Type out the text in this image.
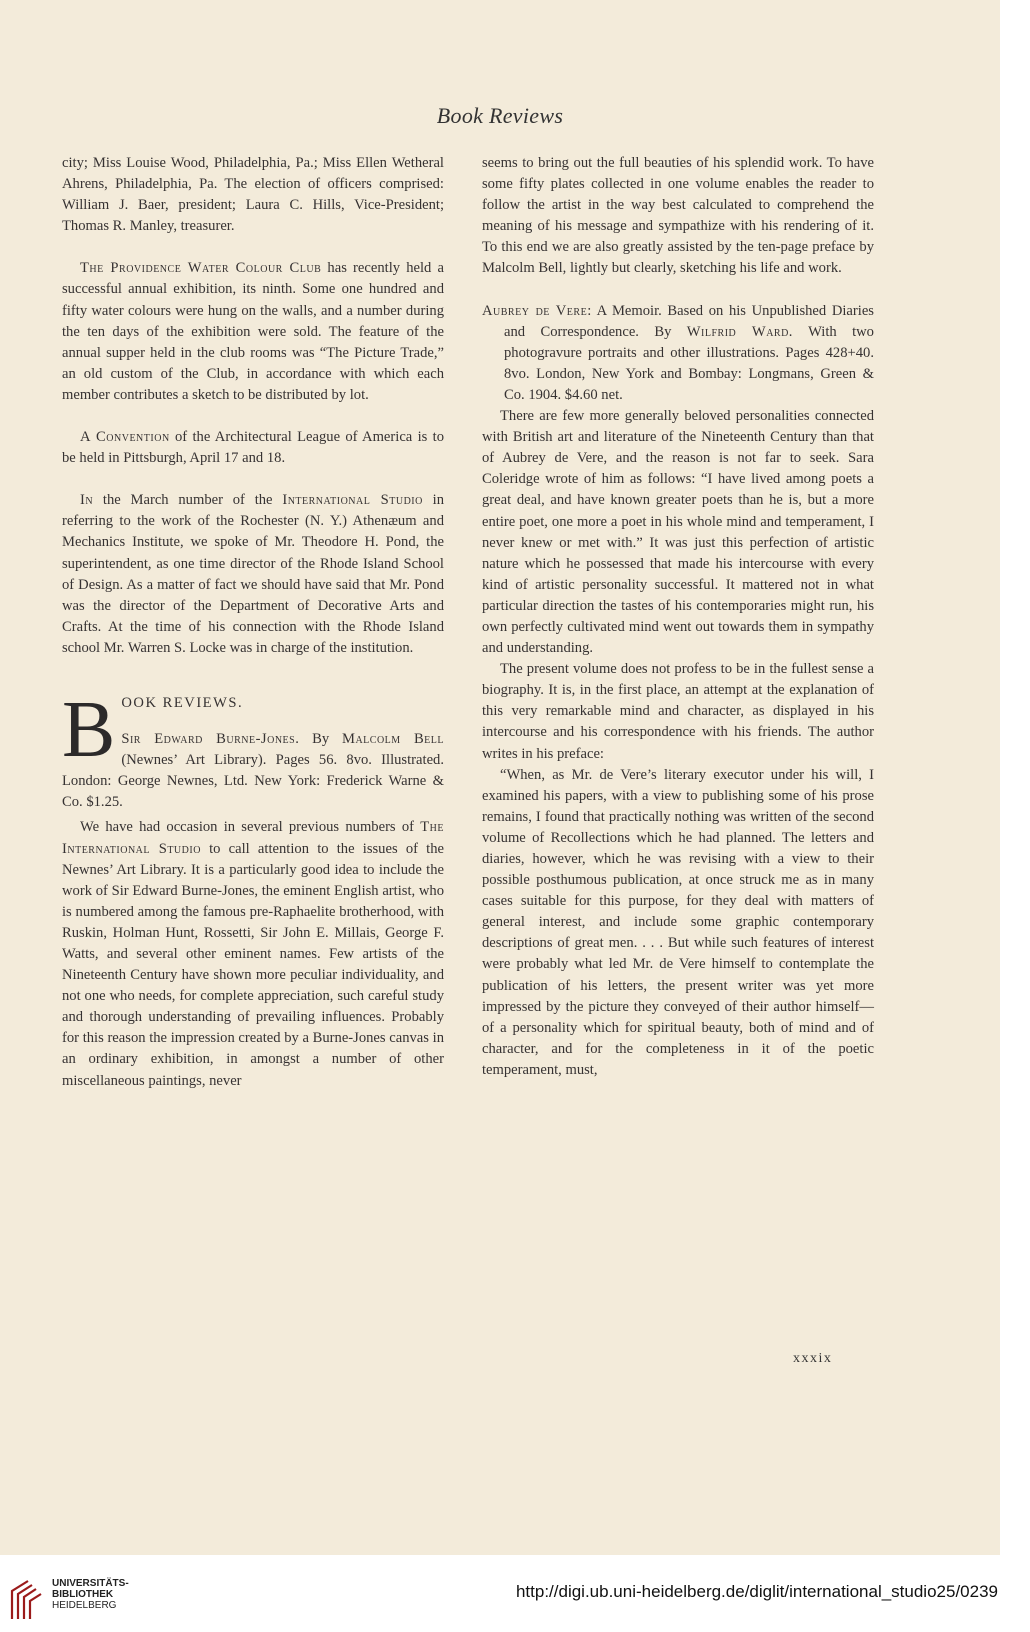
Book Reviews

city; Miss Louise Wood, Philadelphia, Pa.; Miss Ellen Wetheral Ahrens, Philadelphia, Pa. The election of officers comprised: William J. Baer, president; Laura C. Hills, Vice-President; Thomas R. Manley, treasurer.

The Providence Water Colour Club has recently held a successful annual exhibition, its ninth. Some one hundred and fifty water colours were hung on the walls, and a number during the ten days of the exhibition were sold. The feature of the annual supper held in the club rooms was “The Picture Trade,” an old custom of the Club, in accordance with which each member contributes a sketch to be distributed by lot.

A Convention of the Architectural League of America is to be held in Pittsburgh, April 17 and 18.

In the March number of the International Studio in referring to the work of the Rochester (N. Y.) Athenæum and Mechanics Institute, we spoke of Mr. Theodore H. Pond, the superintendent, as one time director of the Rhode Island School of Design. As a matter of fact we should have said that Mr. Pond was the director of the Department of Decorative Arts and Crafts. At the time of his connection with the Rhode Island school Mr. Warren S. Locke was in charge of the institution.

B OOK REVIEWS.

Sir Edward Burne-Jones. By Malcolm Bell (Newnes’ Art Library). Pages 56. 8vo. Illustrated. London: George Newnes, Ltd. New York: Frederick Warne & Co. $1.25.

We have had occasion in several previous numbers of The International Studio to call attention to the issues of the Newnes’ Art Library. It is a particularly good idea to include the work of Sir Edward Burne-Jones, the eminent English artist, who is numbered among the famous pre-Raphaelite brotherhood, with Ruskin, Holman Hunt, Rossetti, Sir John E. Millais, George F. Watts, and several other eminent names. Few artists of the Nineteenth Century have shown more peculiar individuality, and not one who needs, for complete appreciation, such careful study and thorough understanding of prevailing influences. Probably for this reason the impression created by a Burne-Jones canvas in an ordinary exhibition, in amongst a number of other miscellaneous paintings, never

seems to bring out the full beauties of his splendid work. To have some fifty plates collected in one volume enables the reader to follow the artist in the way best calculated to comprehend the meaning of his message and sympathize with his rendering of it. To this end we are also greatly assisted by the ten-page preface by Malcolm Bell, lightly but clearly, sketching his life and work.

Aubrey de Vere: A Memoir. Based on his Unpublished Diaries and Correspondence. By Wilfrid Ward. With two photogravure portraits and other illustrations. Pages 428+40. 8vo. London, New York and Bombay: Longmans, Green & Co. 1904. $4.60 net.

There are few more generally beloved personalities connected with British art and literature of the Nineteenth Century than that of Aubrey de Vere, and the reason is not far to seek. Sara Coleridge wrote of him as follows: “I have lived among poets a great deal, and have known greater poets than he is, but a more entire poet, one more a poet in his whole mind and temperament, I never knew or met with.” It was just this perfection of artistic nature which he possessed that made his intercourse with every kind of artistic personality successful. It mattered not in what particular direction the tastes of his contemporaries might run, his own perfectly cultivated mind went out towards them in sympathy and understanding.

The present volume does not profess to be in the fullest sense a biography. It is, in the first place, an attempt at the explanation of this very remarkable mind and character, as displayed in his intercourse and his correspondence with his friends. The author writes in his preface:

“When, as Mr. de Vere’s literary executor under his will, I examined his papers, with a view to publishing some of his prose remains, I found that practically nothing was written of the second volume of Recollections which he had planned. The letters and diaries, however, which he was revising with a view to their possible posthumous publication, at once struck me as in many cases suitable for this purpose, for they deal with matters of general interest, and include some graphic contemporary descriptions of great men. . . . But while such features of interest were probably what led Mr. de Vere himself to contemplate the publication of his letters, the present writer was yet more impressed by the picture they conveyed of their author himself—of a personality which for spiritual beauty, both of mind and of character, and for the completeness in it of the poetic temperament, must,

xxxix
UNIVERSITÄTS-
BIBLIOTHEK
HEIDELBERG
http://digi.ub.uni-heidelberg.de/diglit/international_studio25/0239
